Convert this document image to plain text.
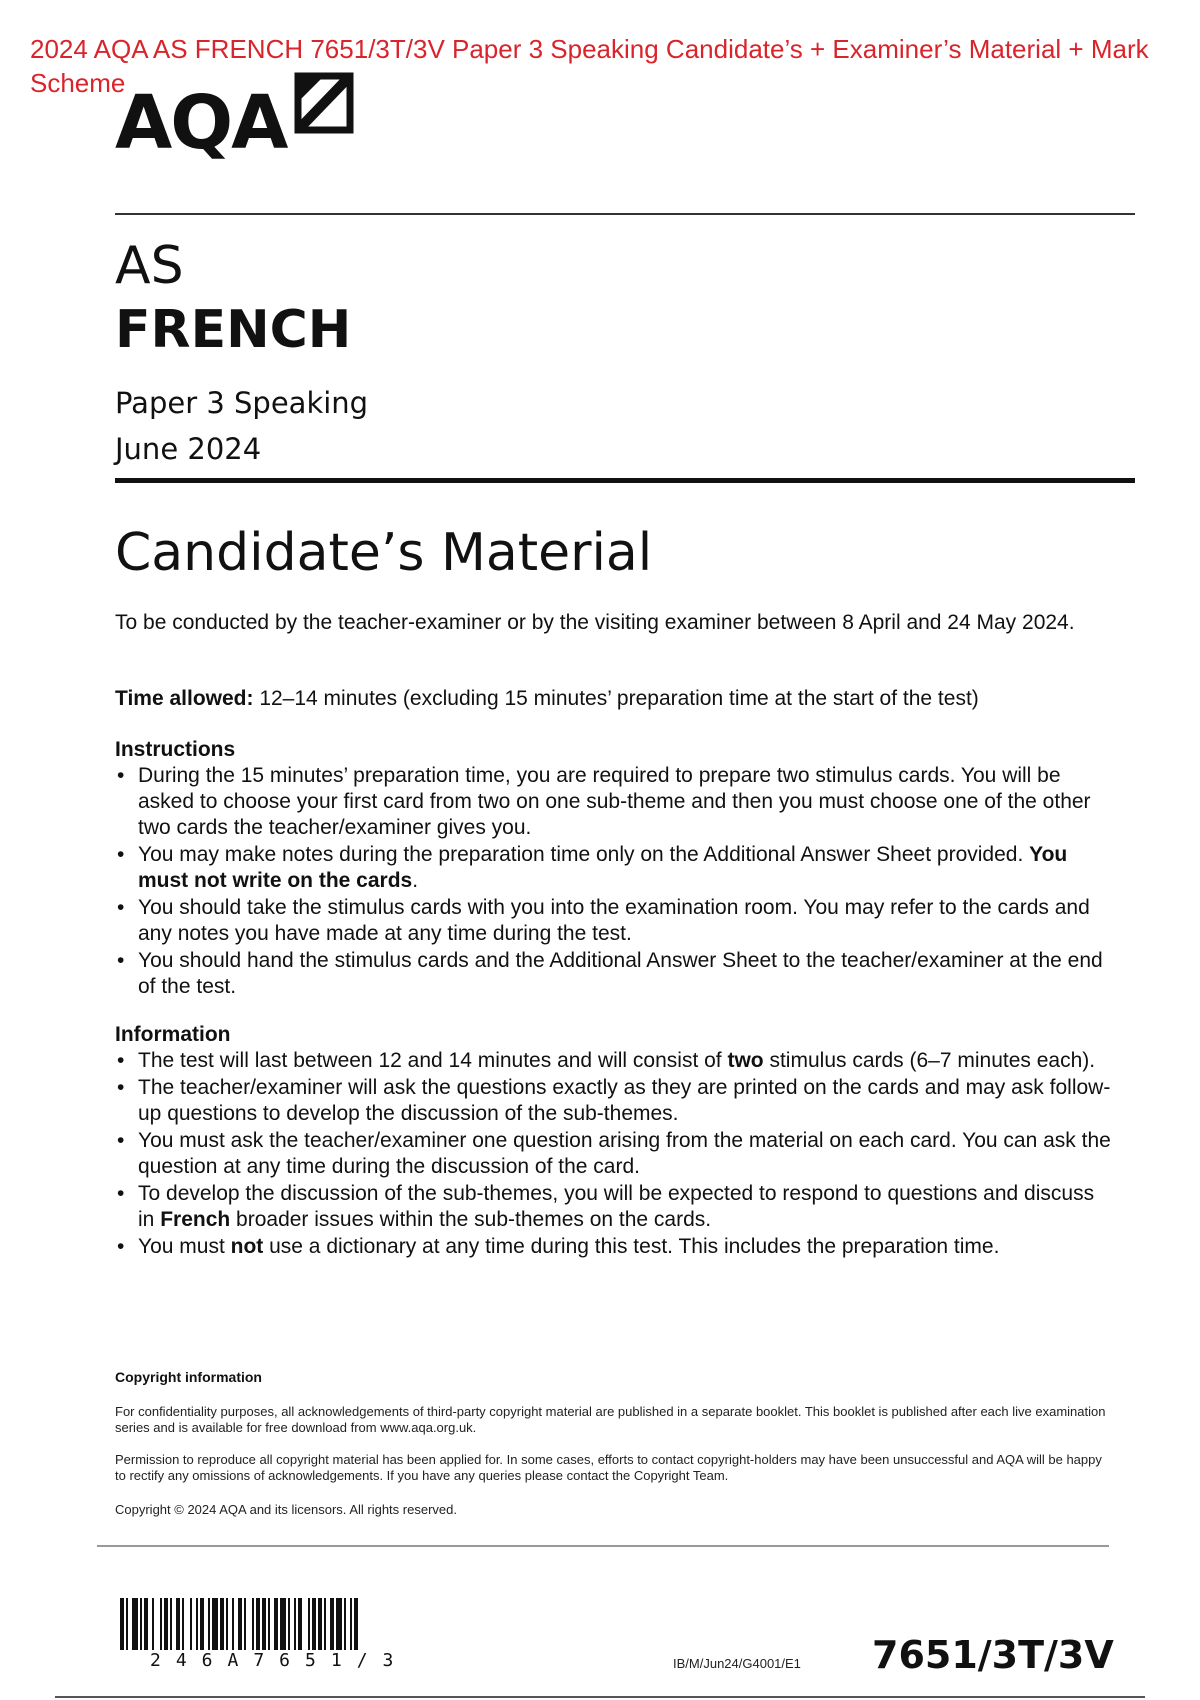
2024 AQA AS FRENCH 7651/3T/3V Paper 3 Speaking Candidate’s + Examiner’s Material + Mark Scheme
AQA
AS
FRENCH
Paper 3 Speaking
June 2024
Candidate’s Material
To be conducted by the teacher-examiner or by the visiting examiner between 8 April and 24 May 2024.
Time allowed: 12–14 minutes (excluding 15 minutes’ preparation time at the start of the test)
Instructions
• During the 15 minutes’ preparation time, you are required to prepare two stimulus cards. You will be asked to choose your first card from two on one sub-theme and then you must choose one of the other two cards the teacher/examiner gives you.
• You may make notes during the preparation time only on the Additional Answer Sheet provided. You must not write on the cards.
• You should take the stimulus cards with you into the examination room. You may refer to the cards and any notes you have made at any time during the test.
• You should hand the stimulus cards and the Additional Answer Sheet to the teacher/examiner at the end of the test.
Information
• The test will last between 12 and 14 minutes and will consist of two stimulus cards (6–7 minutes each).
• The teacher/examiner will ask the questions exactly as they are printed on the cards and may ask follow-up questions to develop the discussion of the sub-themes.
• You must ask the teacher/examiner one question arising from the material on each card. You can ask the question at any time during the discussion of the card.
• To develop the discussion of the sub-themes, you will be expected to respond to questions and discuss in French broader issues within the sub-themes on the cards.
• You must not use a dictionary at any time during this test. This includes the preparation time.
Copyright information
For confidentiality purposes, all acknowledgements of third-party copyright material are published in a separate booklet. This booklet is published after each live examination series and is available for free download from www.aqa.org.uk.
Permission to reproduce all copyright material has been applied for. In some cases, efforts to contact copyright-holders may have been unsuccessful and AQA will be happy to rectify any omissions of acknowledgements. If you have any queries please contact the Copyright Team.
Copyright © 2024 AQA and its licensors. All rights reserved.
246A7651/3	IB/M/Jun24/G4001/E1 7651/3T/3V
